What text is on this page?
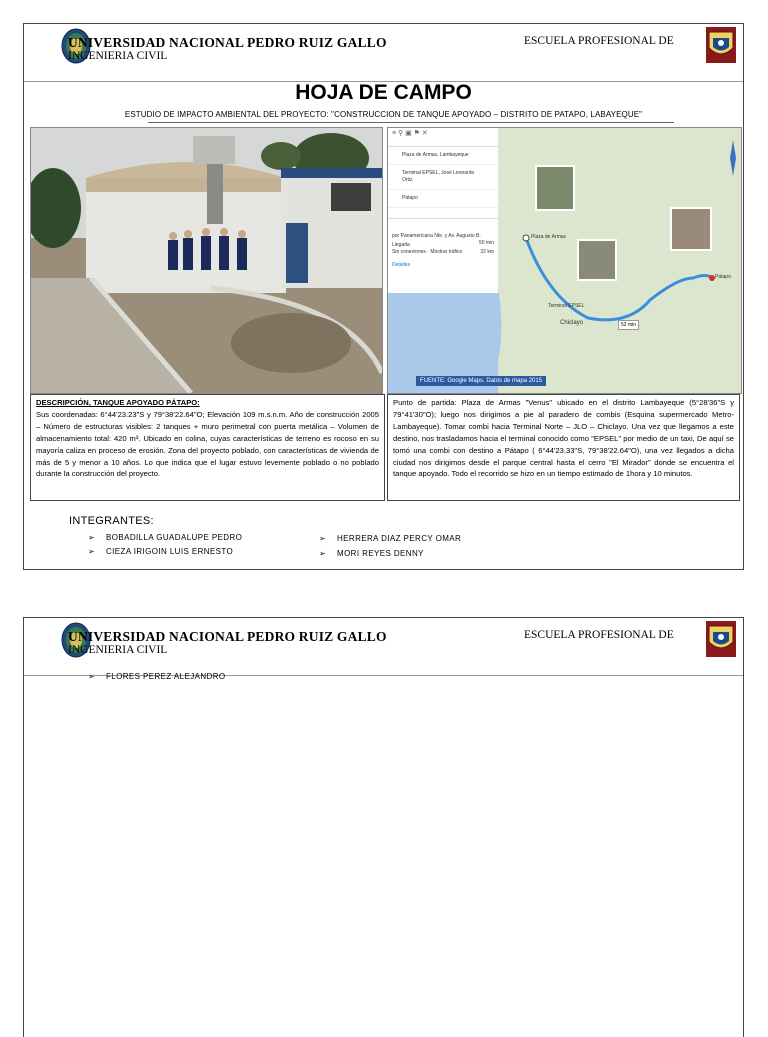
UNIVERSIDAD NACIONAL PEDRO RUIZ GALLO
INGENIERIA CIVIL
ESCUELA PROFESIONAL DE
HOJA DE CAMPO
ESTUDIO DE IMPACTO AMBIENTAL DEL PROYECTO: "CONSTRUCCION DE TANQUE APOYADO – DISTRITO DE PATAPO, LABAYEQUE"
≡ ⚲ ▣ ⚑ ✕
Plaza de Armas, Lambayeque
Terminal EPSEL, José Leonardo Ortiz
Pátapo
por Panamericana Nte. y Av. Augusto B.
50 min
Llegada
Sin conexiones · Mostrar tráfico	32 km
Detalles
Plaza de Armas
Terminal EPSEL
Chiclayo
Pátapo
52 min
FUENTE: Google Maps. Datos de mapa 2015
DESCRIPCIÓN, TANQUE APOYADO PÁTAPO:
Sus coordenadas: 6°44'23.23"S y 79°38'22.64"O; Elevación 109 m.s.n.m. Año de construcción 2005 – Número de estructuras visibles: 2 tanques + muro perimetral con puerta metálica – Volumen de almacenamiento total: 420 m³. Ubicado en colina, cuyas características de terreno es rocoso en su mayoría caliza en proceso de erosión. Zona del proyecto poblado, con características de vivienda de más de 5 y menor a 10 años. Lo que indica que el lugar estuvo levemente poblado o no poblado durante la construcción del proyecto.
Punto de partida: Plaza de Armas "Venus" ubicado en el distrito Lambayeque (5°28'36"S y 79°41'30"O); luego nos dirigimos a pie al paradero de combis (Esquina supermercado Metro-Lambayeque). Tomar combi hacia Terminal Norte – JLO – Chiclayo. Una vez que llegamos a este destino, nos trasladamos hacia el terminal conocido como "EPSEL" por medio de un taxi, De aquí se tomó una combi con destino a Pátapo ( 6°44'23.33"S, 79°38'22.64"O), una vez llegados a dicha ciudad nos dirigimos desde el parque central hasta el cerro "El Mirador" donde se encuentra el tanque apoyado. Todo el recorrido se hizo en un tiempo estimado de 1hora y 10 minutos.
INTEGRANTES:
➢ BOBADILLA GUADALUPE PEDRO
➢ CIEZA IRIGOIN LUIS ERNESTO
➢ HERRERA DIAZ PERCY OMAR
➢ MORI REYES DENNY
UNIVERSIDAD NACIONAL PEDRO RUIZ GALLO
INGENIERIA CIVIL
ESCUELA PROFESIONAL DE
➢ FLORES PEREZ ALEJANDRO
